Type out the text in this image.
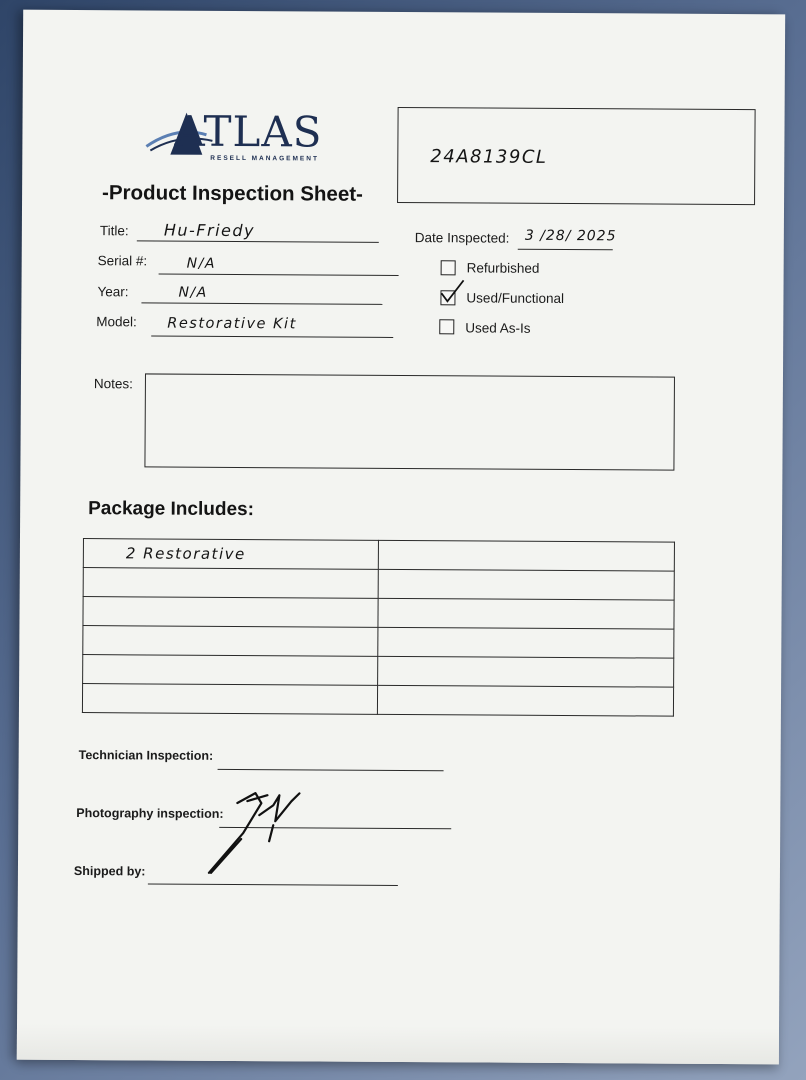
ATLAS
RESELL MANAGEMENT	24A8139CL
-Product Inspection Sheet-
Title: Hu-Friedy
Serial #:	N/A
Year:	N/A
Model: Restorative Kit
Date Inspected: 3 /28/ 2025
Refurbished
Used/Functional
Used As-Is
Notes:
Package Includes:
2 Restorative	

Technician Inspection:
Photography inspection:
Shipped by:
